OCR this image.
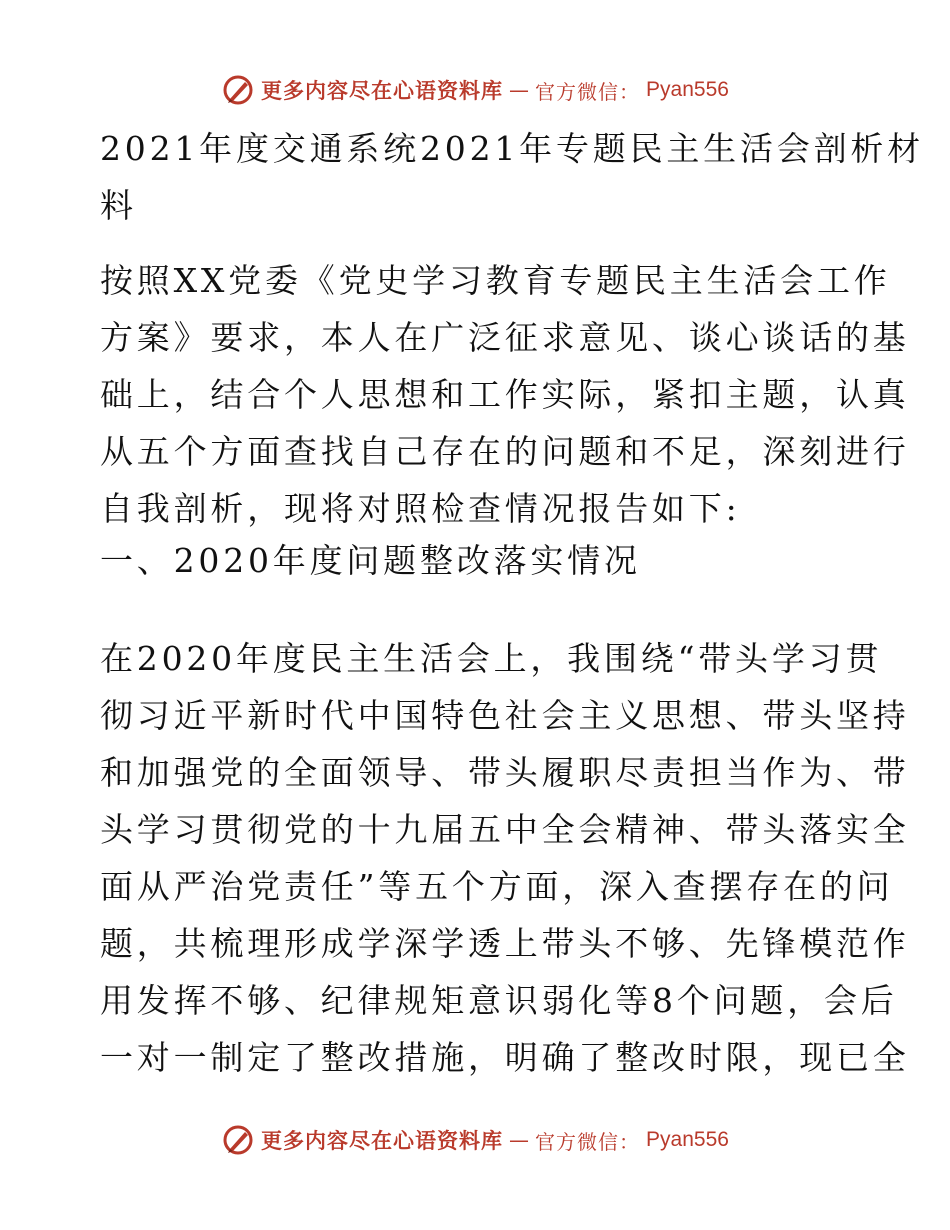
更多内容尽在心语资料库 — 官方微信： Pyan556
2021年度交通系统2021年专题民主生活会剖析材
料
按照XX党委《党史学习教育专题民主生活会工作
方案》要求，本人在广泛征求意见、谈心谈话的基
础上，结合个人思想和工作实际，紧扣主题，认真
从五个方面查找自己存在的问题和不足，深刻进行
自我剖析，现将对照检查情况报告如下:
一、2020年度问题整改落实情况
在2020年度民主生活会上，我围绕“带头学习贯
彻习近平新时代中国特色社会主义思想、带头坚持
和加强党的全面领导、带头履职尽责担当作为、带
头学习贯彻党的十九届五中全会精神、带头落实全
面从严治党责任”等五个方面，深入查摆存在的问
题，共梳理形成学深学透上带头不够、先锋模范作
用发挥不够、纪律规矩意识弱化等8个问题，会后
一对一制定了整改措施，明确了整改时限，现已全
更多内容尽在心语资料库 — 官方微信： Pyan556
